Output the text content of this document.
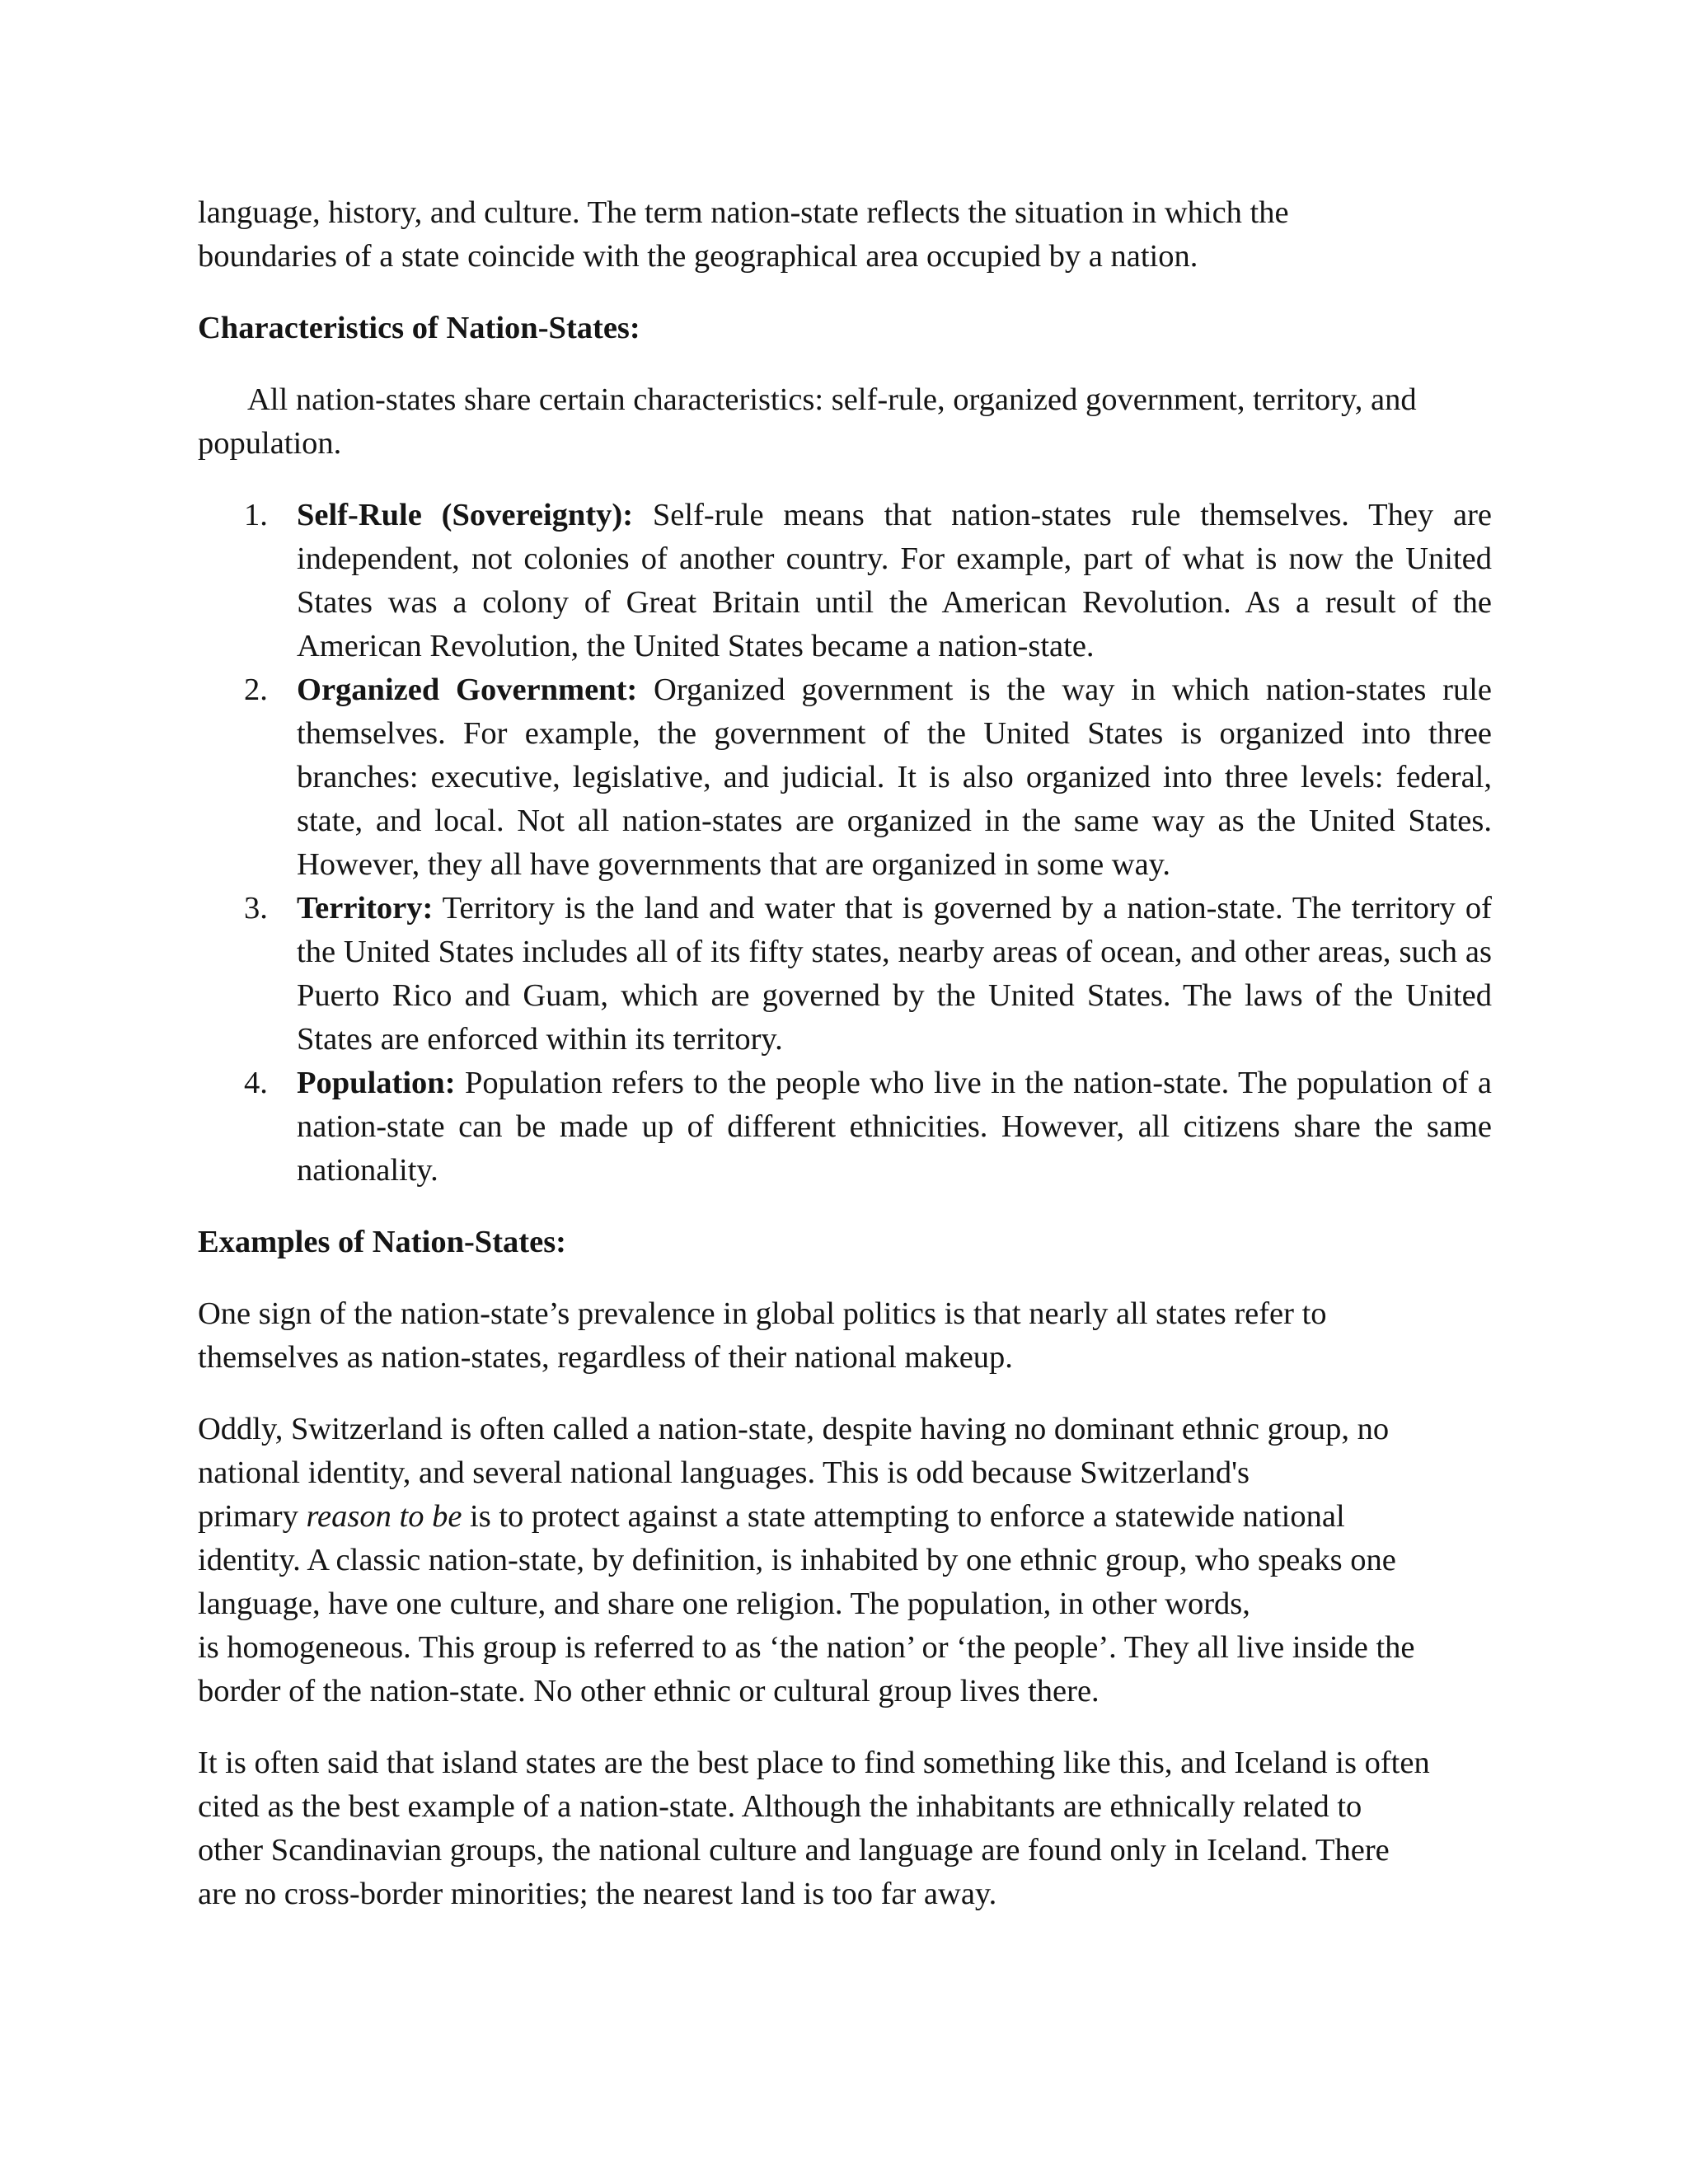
language, history, and culture. The term nation-state reflects the situation in which the
boundaries of a state coincide with the geographical area occupied by a nation.

Characteristics of Nation-States:

All nation-states share certain characteristics: self-rule, organized government, territory, and
population.

1. Self-Rule (Sovereignty): Self-rule means that nation-states rule themselves. They are independent, not colonies of another country. For example, part of what is now the United States was a colony of Great Britain until the American Revolution. As a result of the American Revolution, the United States became a nation-state.
2. Organized Government: Organized government is the way in which nation-states rule themselves. For example, the government of the United States is organized into three branches: executive, legislative, and judicial. It is also organized into three levels: federal, state, and local. Not all nation-states are organized in the same way as the United States. However, they all have governments that are organized in some way.
3. Territory: Territory is the land and water that is governed by a nation-state. The territory of the United States includes all of its fifty states, nearby areas of ocean, and other areas, such as Puerto Rico and Guam, which are governed by the United States. The laws of the United States are enforced within its territory.
4. Population: Population refers to the people who live in the nation-state. The population of a nation-state can be made up of different ethnicities. However, all citizens share the same nationality.

Examples of Nation-States:

One sign of the nation-state’s prevalence in global politics is that nearly all states refer to
themselves as nation-states, regardless of their national makeup.

Oddly, Switzerland is often called a nation-state, despite having no dominant ethnic group, no
national identity, and several national languages. This is odd because Switzerland's
primary reason to be is to protect against a state attempting to enforce a statewide national
identity. A classic nation-state, by definition, is inhabited by one ethnic group, who speaks one
language, have one culture, and share one religion. The population, in other words,
is homogeneous. This group is referred to as ‘the nation’ or ‘the people’. They all live inside the
border of the nation-state. No other ethnic or cultural group lives there.

It is often said that island states are the best place to find something like this, and Iceland is often
cited as the best example of a nation-state. Although the inhabitants are ethnically related to
other Scandinavian groups, the national culture and language are found only in Iceland. There
are no cross-border minorities; the nearest land is too far away.
